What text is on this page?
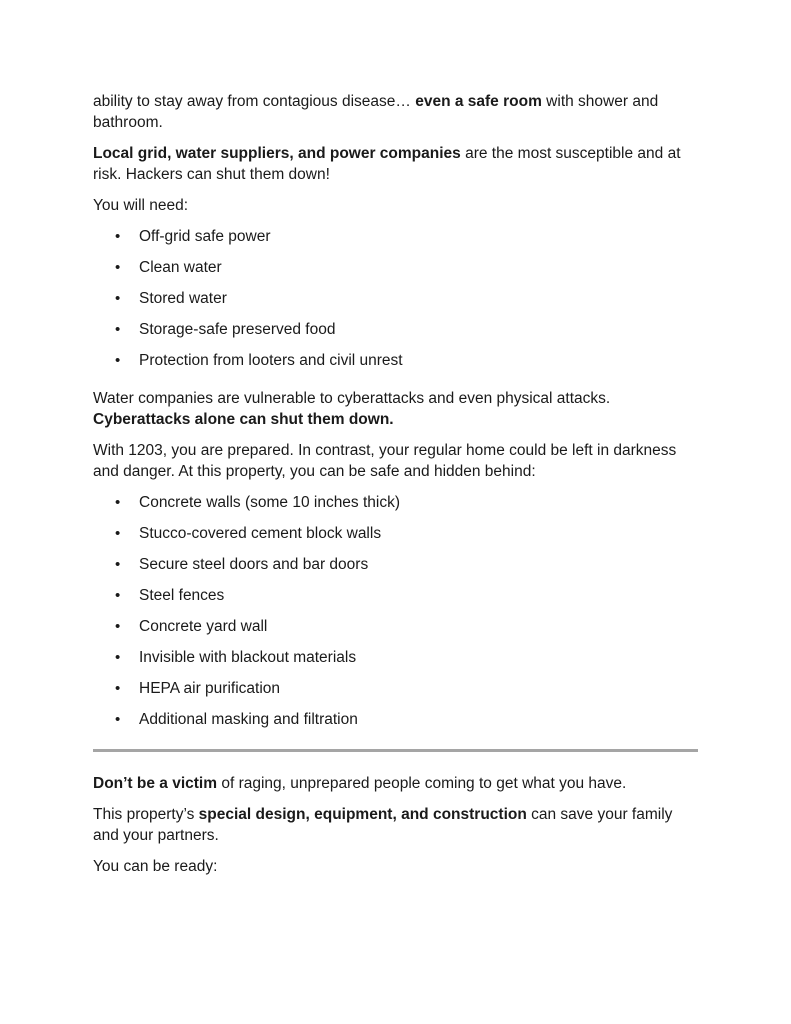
ability to stay away from contagious disease… even a safe room with shower and bathroom.

Local grid, water suppliers, and power companies are the most susceptible and at risk. Hackers can shut them down!

You will need:

• Off-grid safe power
• Clean water
• Stored water
• Storage-safe preserved food
• Protection from looters and civil unrest

Water companies are vulnerable to cyberattacks and even physical attacks.
Cyberattacks alone can shut them down.

With 1203, you are prepared. In contrast, your regular home could be left in darkness and danger. At this property, you can be safe and hidden behind:

• Concrete walls (some 10 inches thick)
• Stucco-covered cement block walls
• Secure steel doors and bar doors
• Steel fences
• Concrete yard wall
• Invisible with blackout materials
• HEPA air purification
• Additional masking and filtration

Don’t be a victim of raging, unprepared people coming to get what you have.

This property’s special design, equipment, and construction can save your family and your partners.

You can be ready:
